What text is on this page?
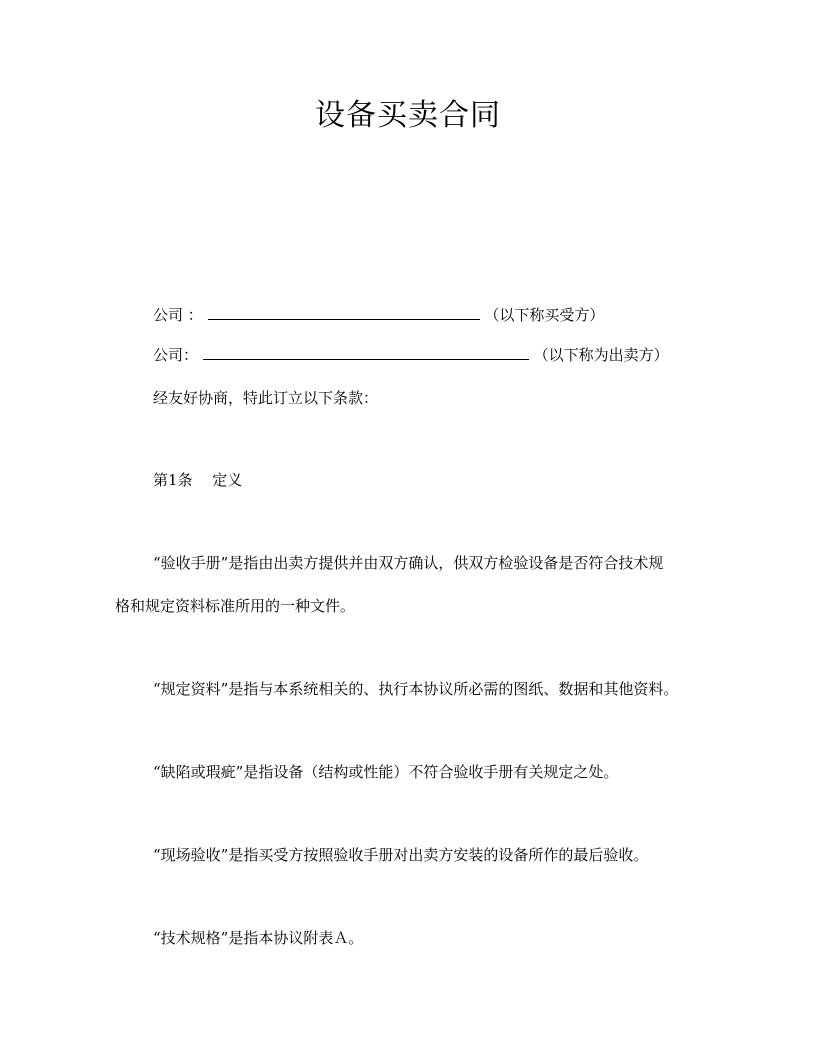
设备买卖合同
公司 ：	（以下称买受方）
公司：	（以下称为出卖方）
经友好协商，特此订立以下条款：
第1条　 定义
“验收手册”是指由出卖方提供并由双方确认，供双方检验设备是否符合技术规
格和规定资料标准所用的一种文件。
“规定资料”是指与本系统相关的、执行本协议所必需的图纸、数据和其他资料。
“缺陷或瑕疵”是指设备（结构或性能）不符合验收手册有关规定之处。
“现场验收”是指买受方按照验收手册对出卖方安装的设备所作的最后验收。
“技术规格”是指本协议附表Ａ。
